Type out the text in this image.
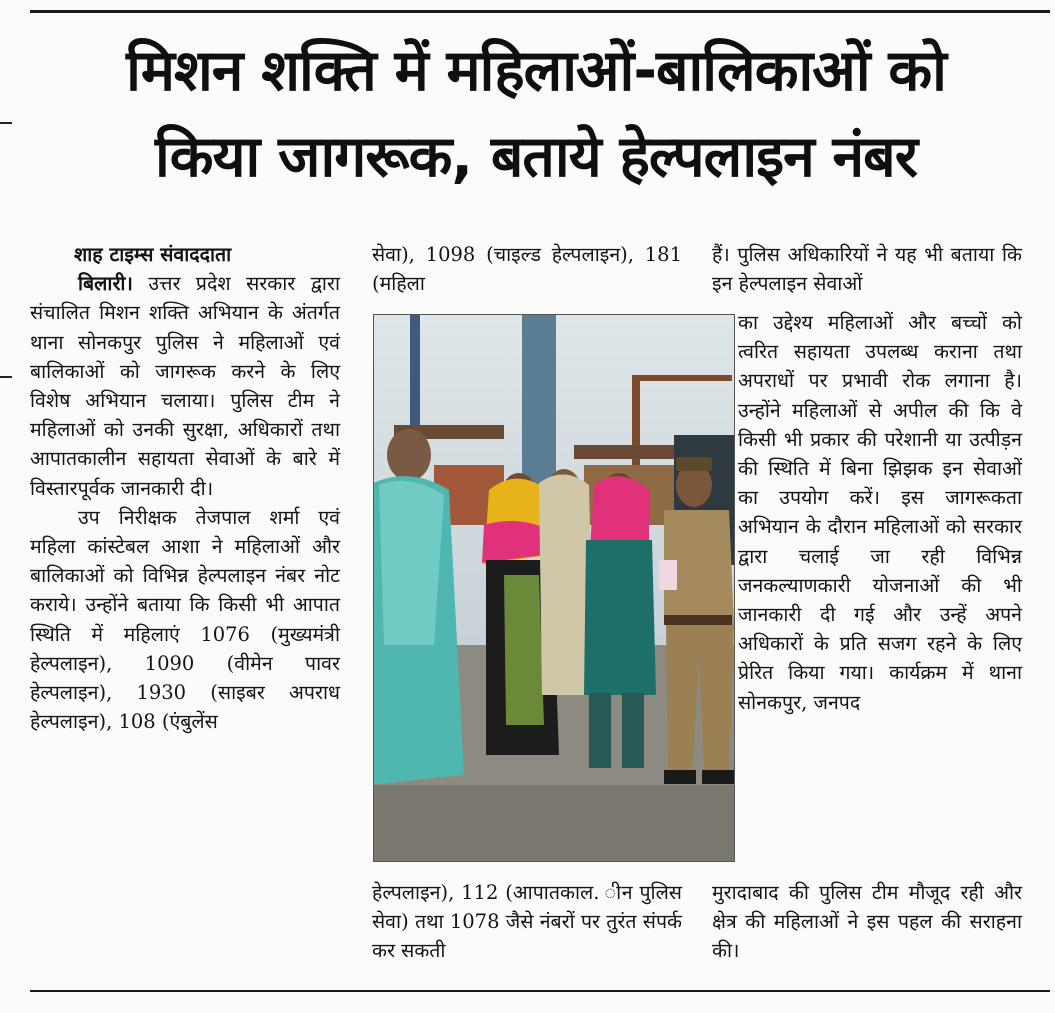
मिशन शक्ति में महिलाओं-बालिकाओं को
किया जागरूक, बताये हेल्पलाइन नंबर
शाह टाइम्स संवाददाता

बिलारी। उत्तर प्रदेश सरकार द्वारा संचालित मिशन शक्ति अभियान के अंतर्गत थाना सोनकपुर पुलिस ने महिलाओं एवं बालिकाओं को जागरूक करने के लिए विशेष अभियान चलाया। पुलिस टीम ने महिलाओं को उनकी सुरक्षा, अधिकारों तथा आपातकालीन सहायता सेवाओं के बारे में विस्तारपूर्वक जानकारी दी।

उप निरीक्षक तेजपाल शर्मा एवं महिला कांस्टेबल आशा ने महिलाओं और बालिकाओं को विभिन्न हेल्पलाइन नंबर नोट कराये। उन्होंने बताया कि किसी भी आपात स्थिति में महिलाएं 1076 (मुख्यमंत्री हेल्पलाइन), 1090 (वीमेन पावर हेल्पलाइन), 1930 (साइबर अपराध हेल्पलाइन), 108 (एंबुलेंस

सेवा), 1098 (चाइल्ड हेल्पलाइन), 181 (महिला
हेल्पलाइन), 112 (आपातकाल. ीन पुलिस सेवा) तथा 1078 जैसे नंबरों पर तुरंत संपर्क कर सकती
हैं। पुलिस अधिकारियों ने यह भी बताया कि इन हेल्पलाइन सेवाओं
का उद्देश्य महिलाओं और बच्चों को त्वरित सहायता उपलब्ध कराना तथा अपराधों पर प्रभावी रोक लगाना है। उन्होंने महिलाओं से अपील की कि वे किसी भी प्रकार की परेशानी या उत्पीड़न की स्थिति में बिना झिझक इन सेवाओं का उपयोग करें। इस जागरूकता अभियान के दौरान महिलाओं को सरकार द्वारा चलाई जा रही विभिन्न जनकल्याणकारी योजनाओं की भी जानकारी दी गई और उन्हें अपने अधिकारों के प्रति सजग रहने के लिए प्रेरित किया गया। कार्यक्रम में थाना सोनकपुर, जनपद
मुरादाबाद की पुलिस टीम मौजूद रही और क्षेत्र की महिलाओं ने इस पहल की सराहना की।
